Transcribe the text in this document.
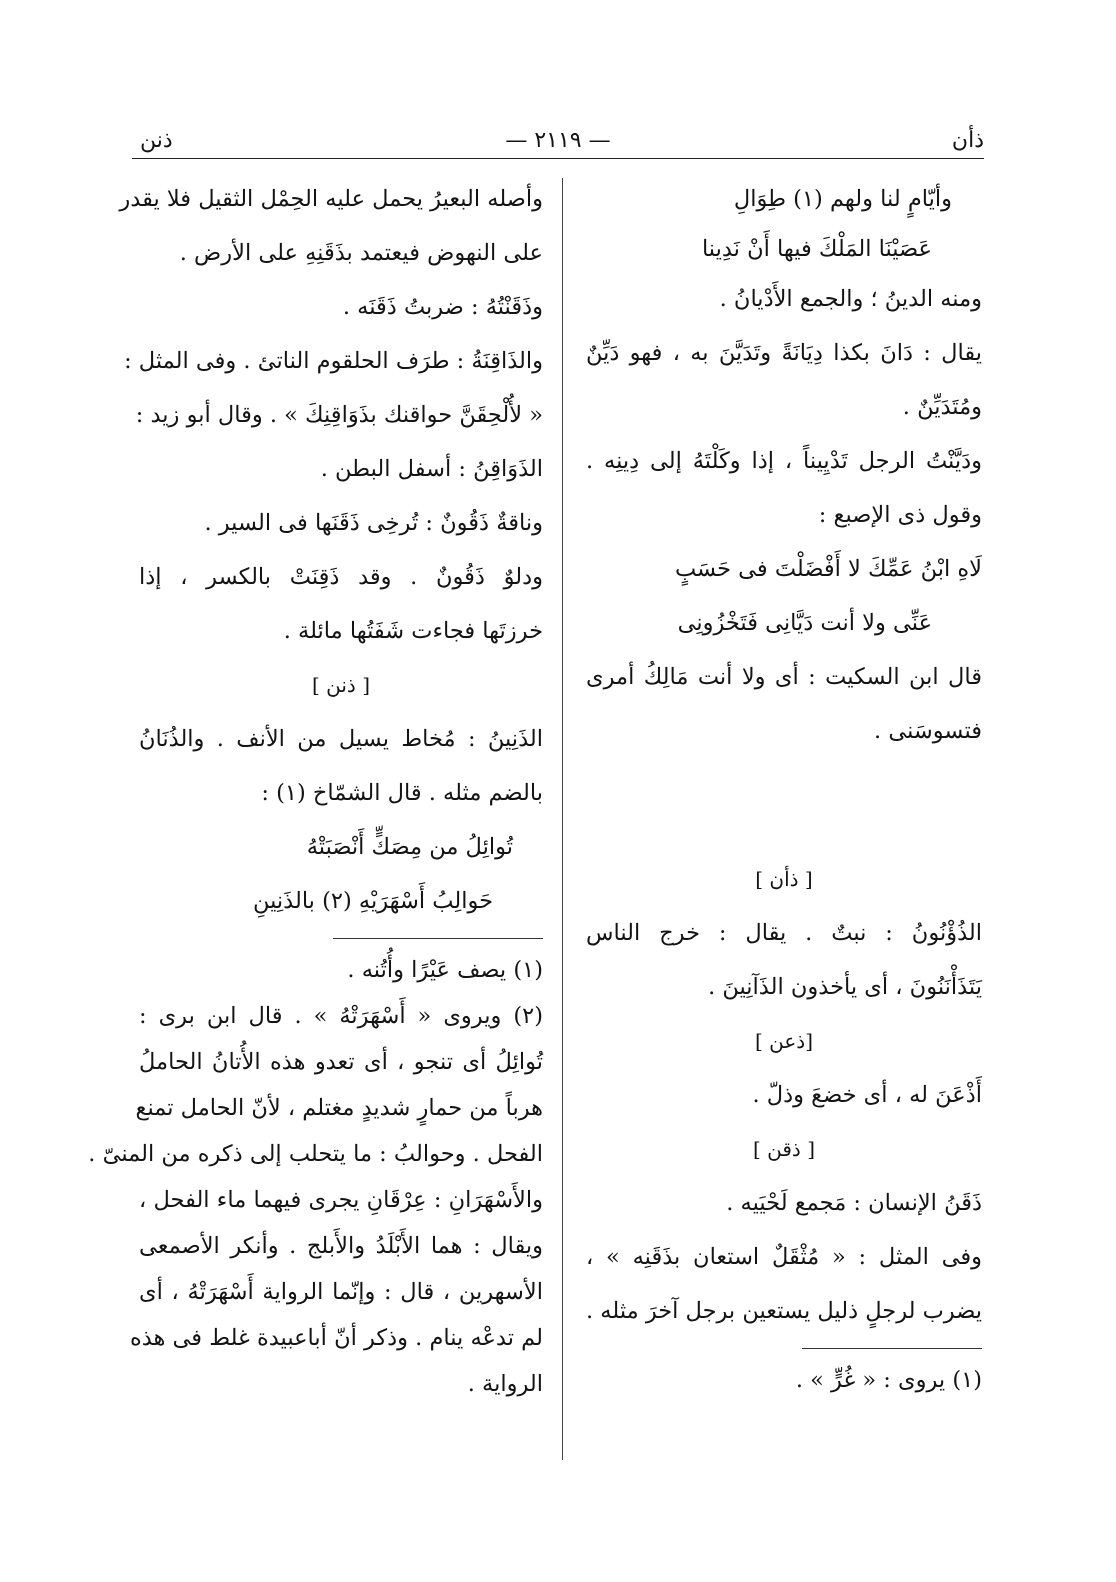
ذأن
— ٢١١٩ —
ذنن
وأيّامٍ لنا ولهم (١) طِوَالِ
عَصَيْنَا المَلْكَ فيها أَنْ نَدِينا
ومنه الدينُ ؛ والجمع الأَدْيانُ .
يقال : دَانَ بكذا دِيَانَةً وتَدَيَّنَ به ، فهو دَيِّنٌ
ومُتَدَيِّنٌ .
ودَيَّنْتُ الرجل تَدْيِيناً ، إذا وكَلْتَهُ إلى دِينِه .
وقول ذى الإصبع :
لَاهِ ابْنُ عَمِّكَ لا أَفْضَلْتَ فى حَسَبٍ
عَنِّى ولا أنت دَيَّانِى فَتَخْزُونِى
قال ابن السكيت : أى ولا أنت مَالِكُ أمرى
فتسوسَنى .
[ ذأن ]
الذُؤْنُونُ : نبتٌ . يقال : خرج الناس
يَتَذَأْنَنُونَ ، أى يأخذون الذَآنِينَ .
[ذعن ]
أَذْعَنَ له ، أى خضعَ وذلّ .
[ ذقن ]
ذَقَنُ الإنسان : مَجمع لَحْيَيه .
وفى المثل : « مُثْقَلٌ استعان بذَقَنِه » ،
يضرب لرجلٍ ذليل يستعين برجل آخرَ مثله .
(١) يروى : « غُرٍّ » .
وأصله البعيرُ يحمل عليه الحِمْل الثقيل فلا يقدر
على النهوض فيعتمد بذَقَنِهِ على الأرض .
وذَقَنْتُهُ : ضربتُ ذَقَنَه .
والذَاقِنَةُ : طرَف الحلقوم الناتئ . وفى المثل :
« لأُلْحِقَنَّ حواقنك بذَوَاقِنِكَ » . وقال أبو زيد :
الذَوَاقِنُ : أسفل البطن .
وناقةٌ ذَقُونٌ : تُرخِى ذَقَنَها فى السير .
ودلوٌ ذَقُونٌ . وقد ذَقِنَتْ بالكسر ، إذا
خرزتَها فجاءت شَفَتُها مائلة .
[ ذنن ]
الذَنِينُ : مُخاط يسيل من الأنف . والذُنَانُ
بالضم مثله . قال الشمّاخ (١) :
تُوائِلُ من مِصَكٍّ أَنْصَبَتْهُ
حَوالِبُ أَسْهَرَيْهِ (٢) بالذَنِينِ
(١) يصف عَيْرًا وأُتُنه .
(٢) ويروى « أَسْهَرَتْهُ » . قال ابن برى :
تُوائِلُ أى تنجو ، أى تعدو هذه الأُتانُ الحاملُ
هرباً من حمارٍ شديدٍ مغتلم ، لأنّ الحامل تمنع
الفحل . وحوالبُ : ما يتحلب إلى ذكره من المنىّ .
والأَسْهَرَانِ : عِرْقَانِ يجرى فيهما ماء الفحل ،
ويقال : هما الأَبْلَدُ والأَبلج . وأنكر الأصمعى
الأسهرين ، قال : وإنّما الرواية أَسْهَرَتْهُ ، أى
لم تدعْه ينام . وذكر أنّ أباعبيدة غلط فى هذه
الرواية .
